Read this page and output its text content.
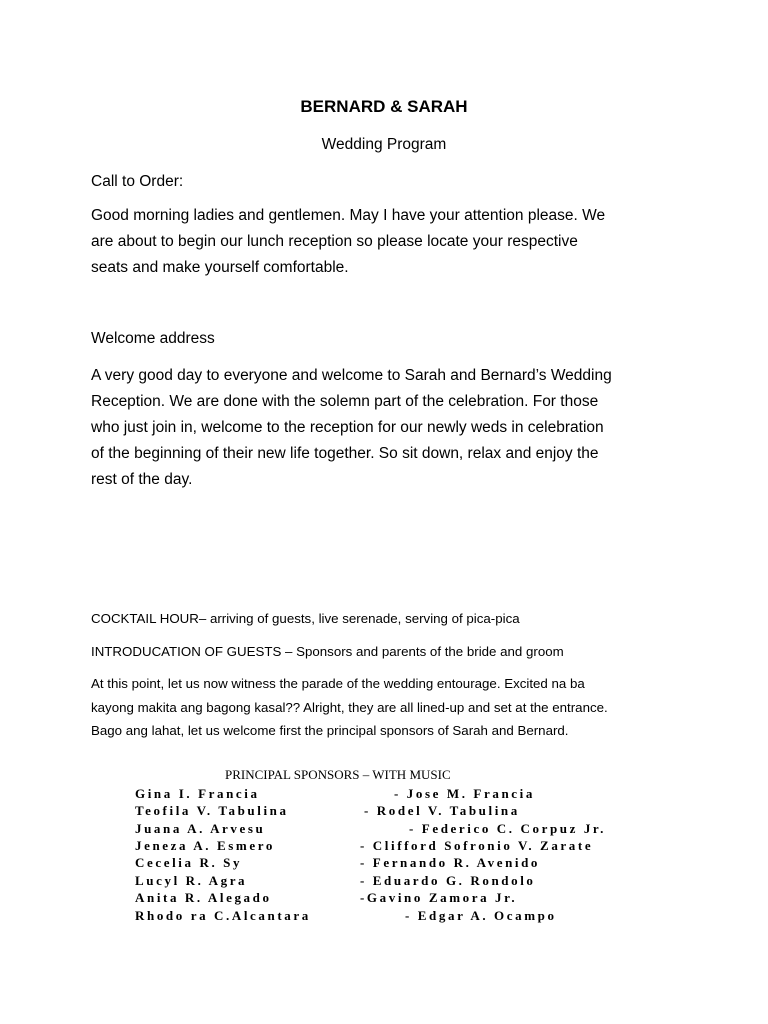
BERNARD & SARAH
Wedding Program
Call to Order:
Good morning ladies and gentlemen. May I have your attention please. We
are about to begin our lunch reception so please locate your respective
seats and make yourself comfortable.
Welcome address
A very good day to everyone and welcome to Sarah and Bernard’s Wedding
Reception. We are done with the solemn part of the celebration. For those
who just join in, welcome to the reception for our newly weds in celebration
of the beginning of their new life together. So sit down, relax and enjoy the
rest of the day.
COCKTAIL HOUR– arriving of guests, live serenade, serving of pica-pica
INTRODUCATION OF GUESTS – Sponsors and parents of the bride and groom
At this point, let us now witness the parade of the wedding entourage. Excited na ba
kayong makita ang bagong kasal?? Alright, they are all lined-up and set at the entrance.
Bago ang lahat, let us welcome first the principal sponsors of Sarah and Bernard.
PRINCIPAL SPONSORS – WITH MUSIC
Gina I. Francia	- Jose M. Francia
Teofila V. Tabulina	- Rodel V. Tabulina
Juana A. Arvesu	- Federico C. Corpuz Jr.
Jeneza A. Esmero	- Clifford Sofronio V. Zarate
Cecelia R. Sy	- Fernando R. Avenido
Lucyl R. Agra	- Eduardo G. Rondolo
Anita R. Alegado	-Gavino Zamora Jr.
Rhodo ra C.Alcantara	- Edgar A. Ocampo
